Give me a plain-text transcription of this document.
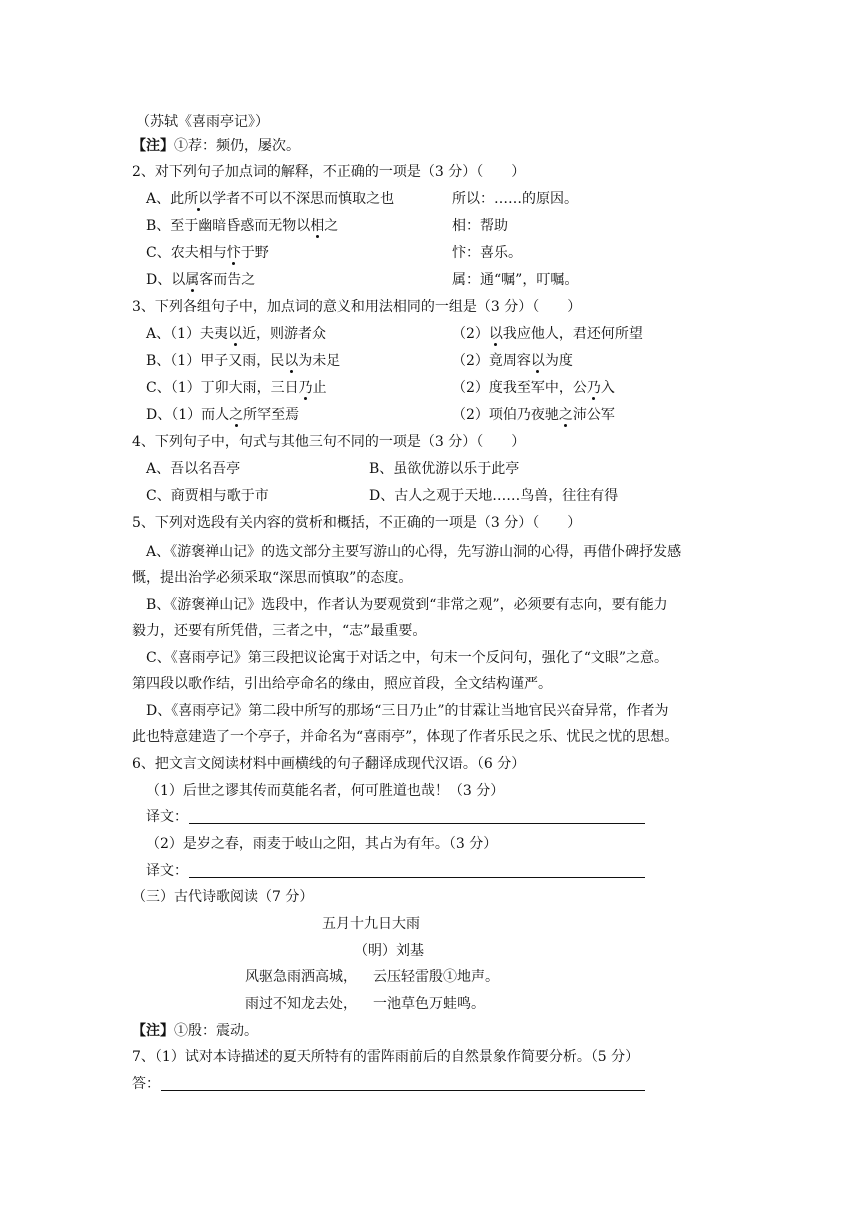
（苏轼《喜雨亭记》）
【注】①荐：频仍，屡次。
2、对下列句子加点词的解释，不正确的一项是（3 分）（　　）
A、此所以学者不可以不深思而慎取之也	所以：……的原因。
B、至于幽暗昏惑而无物以相之	相：帮助
C、农夫相与忭于野	忭：喜乐。
D、以属客而告之	属：通“嘱”，叮嘱。
3、下列各组句子中，加点词的意义和用法相同的一组是（3 分）（　　）
A、（1）夫夷以近，则游者众	（2）以我应他人，君还何所望
B、（1）甲子又雨，民以为未足	（2）竟周容以为度
C、（1）丁卯大雨，三日乃止	（2）度我至军中，公乃入
D、（1）而人之所罕至焉	（2）项伯乃夜驰之沛公军
4、下列句子中，句式与其他三句不同的一项是（3 分）（　　）
A、吾以名吾亭	B、虽欲优游以乐于此亭
C、商贾相与歌于市	D、古人之观于天地……鸟兽，往往有得
5、下列对选段有关内容的赏析和概括，不正确的一项是（3 分）（　　）
A、《游褒禅山记》的选文部分主要写游山的心得，先写游山洞的心得，再借仆碑抒发感
慨，提出治学必须采取“深思而慎取”的态度。
B、《游褒禅山记》选段中，作者认为要观赏到“非常之观”，必须要有志向，要有能力
毅力，还要有所凭借，三者之中，“志”最重要。
C、《喜雨亭记》第三段把议论寓于对话之中，句末一个反问句，强化了“文眼”之意。
第四段以歌作结，引出给亭命名的缘由，照应首段，全文结构谨严。
D、《喜雨亭记》第二段中所写的那场“三日乃止”的甘霖让当地官民兴奋异常，作者为
此也特意建造了一个亭子，并命名为“喜雨亭”，体现了作者乐民之乐、忧民之忧的思想。
6、把文言文阅读材料中画横线的句子翻译成现代汉语。（6 分）
（1）后世之谬其传而莫能名者，何可胜道也哉！（3 分）
译文：
（2）是岁之春，雨麦于岐山之阳，其占为有年。（3 分）
译文：
（三）古代诗歌阅读（7 分）
五月十九日大雨
（明）刘基
风驱急雨洒高城， 云压轻雷殷①地声。
雨过不知龙去处， 一池草色万蛙鸣。
【注】①殷：震动。
7、（1）试对本诗描述的夏天所特有的雷阵雨前后的自然景象作简要分析。（5 分）
答：
